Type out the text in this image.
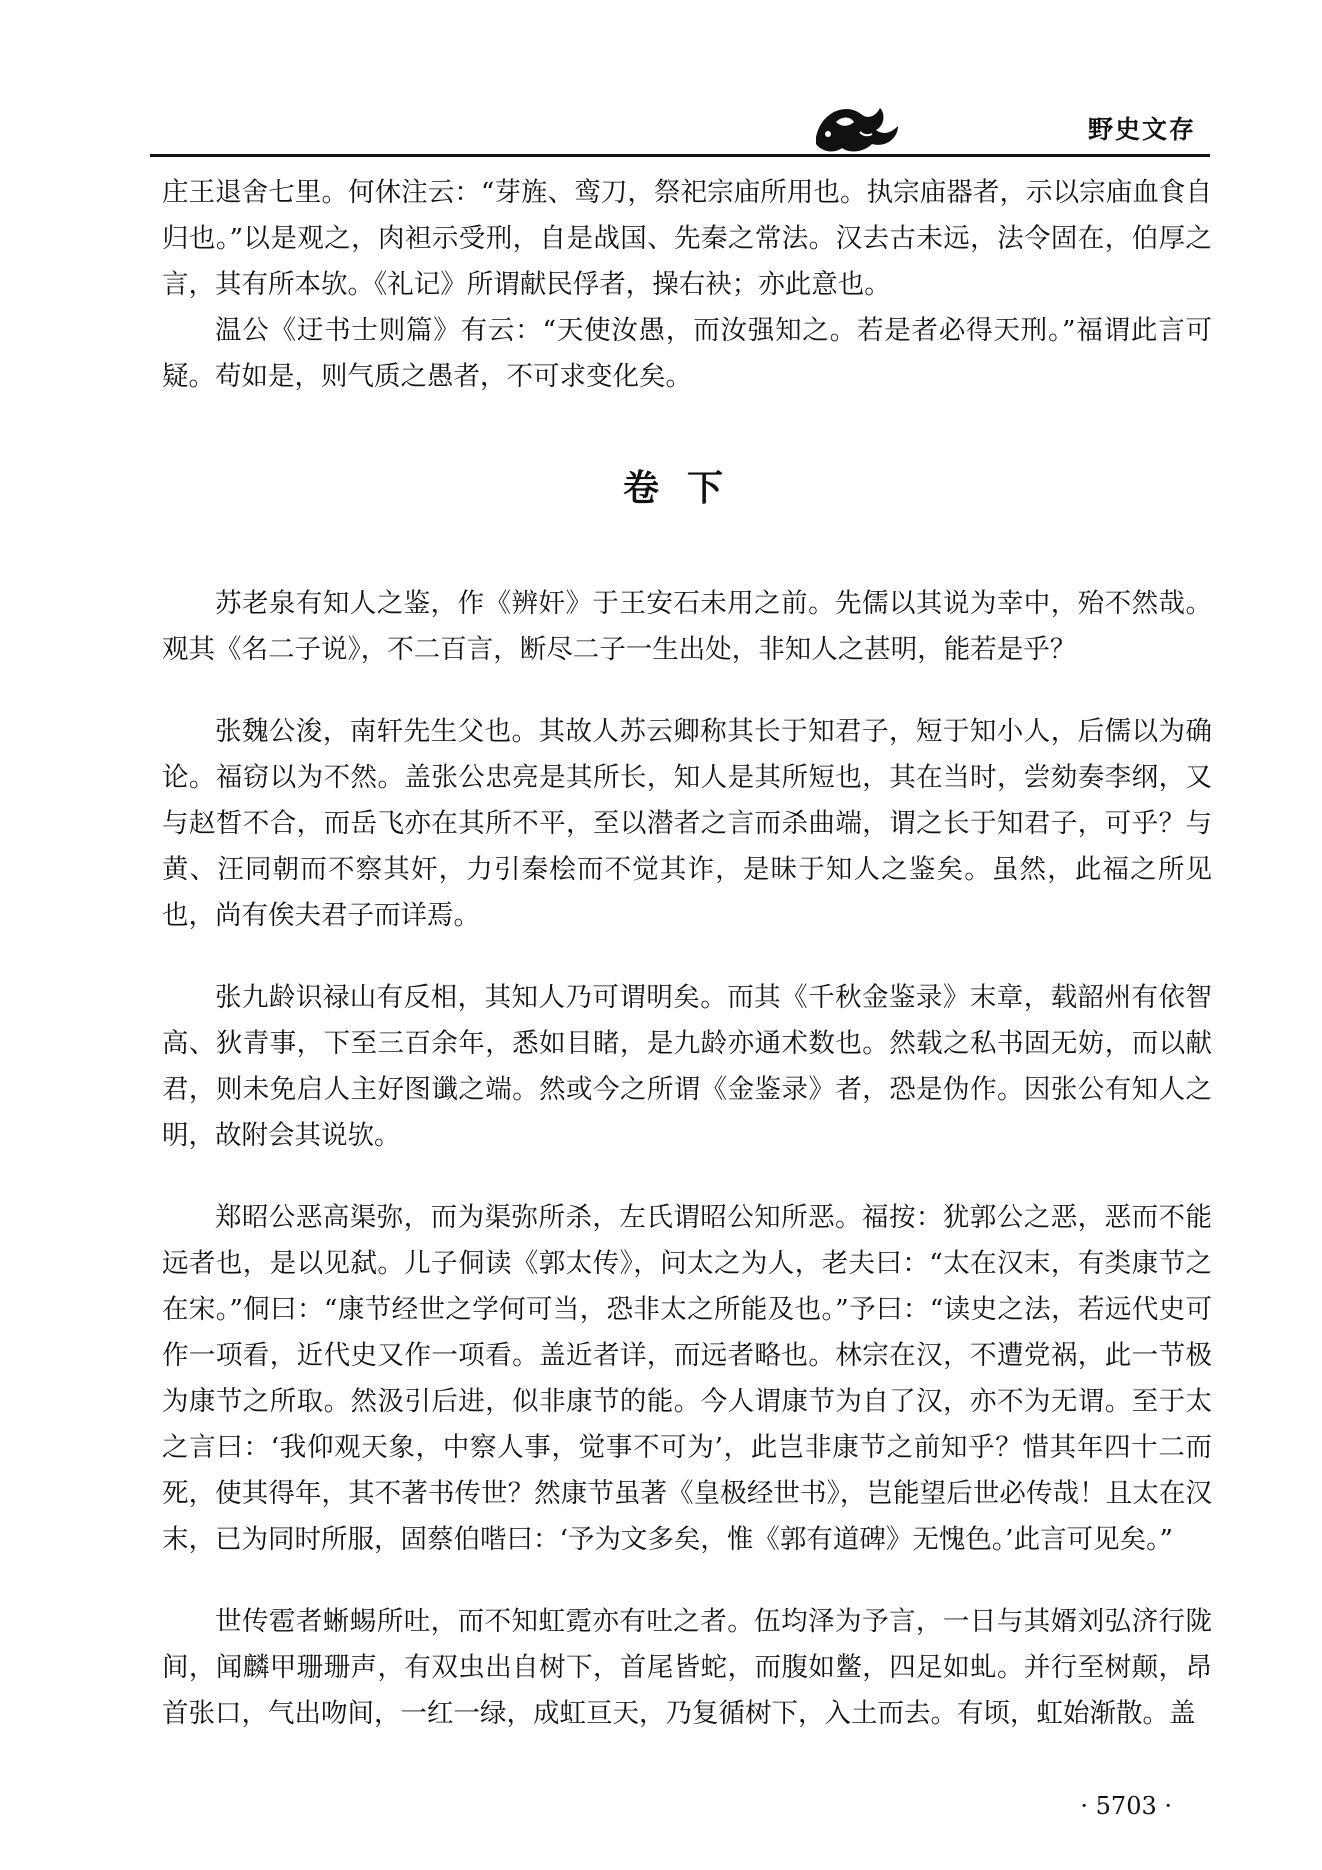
野史文存

庄王退舍七里。何休注云：“芽旌、鸾刀，祭祀宗庙所用也。执宗庙器者，示以宗庙血食自归也。”以是观之，肉袒示受刑，自是战国、先秦之常法。汉去古未远，法令固在，伯厚之言，其有所本欤。《礼记》所谓献民俘者，操右袂；亦此意也。

温公《迂书士则篇》有云：“天使汝愚，而汝强知之。若是者必得天刑。”福谓此言可疑。苟如是，则气质之愚者，不可求变化矣。

卷下

苏老泉有知人之鉴，作《辨奸》于王安石未用之前。先儒以其说为幸中，殆不然哉。观其《名二子说》，不二百言，断尽二子一生出处，非知人之甚明，能若是乎？

张魏公浚，南轩先生父也。其故人苏云卿称其长于知君子，短于知小人，后儒以为确论。福窃以为不然。盖张公忠亮是其所长，知人是其所短也，其在当时，尝劾奏李纲，又与赵晳不合，而岳飞亦在其所不平，至以潜者之言而杀曲端，谓之长于知君子，可乎？与黄、汪同朝而不察其奸，力引秦桧而不觉其诈，是昧于知人之鉴矣。虽然，此福之所见也，尚有俟夫君子而详焉。

张九龄识禄山有反相，其知人乃可谓明矣。而其《千秋金鉴录》末章，载韶州有依智高、狄青事，下至三百余年，悉如目睹，是九龄亦通术数也。然载之私书固无妨，而以献君，则未免启人主好图谶之端。然或今之所谓《金鉴录》者，恐是伪作。因张公有知人之明，故附会其说欤。

郑昭公恶高渠弥，而为渠弥所杀，左氏谓昭公知所恶。福按：犹郭公之恶，恶而不能远者也，是以见弑。儿子侗读《郭太传》，问太之为人，老夫曰：“太在汉末，有类康节之在宋。”侗曰：“康节经世之学何可当，恐非太之所能及也。”予曰：“读史之法，若远代史可作一项看，近代史又作一项看。盖近者详，而远者略也。林宗在汉，不遭党祸，此一节极为康节之所取。然汲引后进，似非康节的能。今人谓康节为自了汉，亦不为无谓。至于太之言曰：‘我仰观天象，中察人事，觉事不可为’，此岂非康节之前知乎？惜其年四十二而死，使其得年，其不著书传世？然康节虽著《皇极经世书》，岂能望后世必传哉！且太在汉末，已为同时所服，固蔡伯喈曰：‘予为文多矣，惟《郭有道碑》无愧色。’此言可见矣。”

世传雹者蜥蜴所吐，而不知虹霓亦有吐之者。伍均泽为予言，一日与其婿刘弘济行陇间，闻麟甲珊珊声，有双虫出自树下，首尾皆蛇，而腹如鳖，四足如虬。并行至树颠，昂首张口，气出吻间，一红一绿，成虹亘天，乃复循树下，入土而去。有顷，虹始渐散。盖

· 5703 ·
